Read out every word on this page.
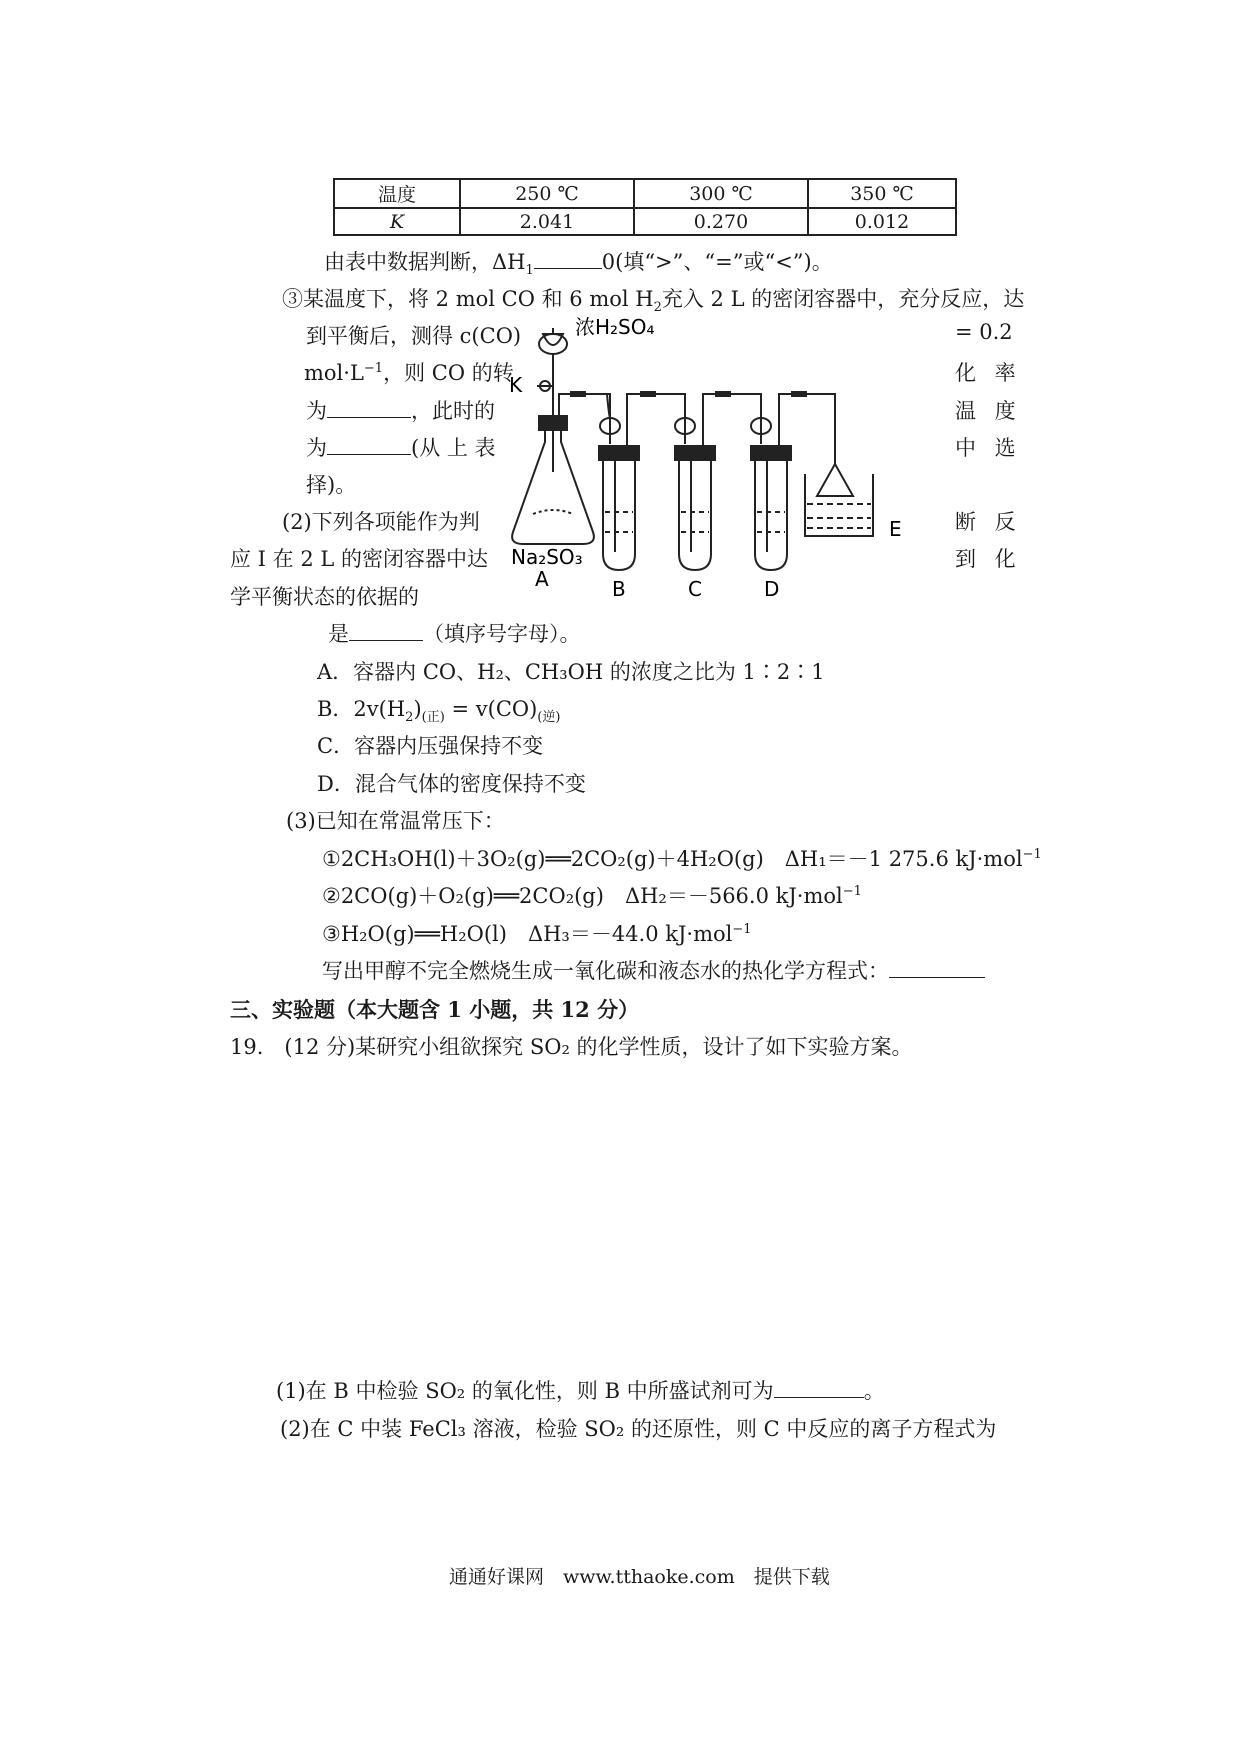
温度	250 ℃	300 ℃	350 ℃
K	2.041	0.270	0.012
由表中数据判断，$\Delta H_1$	0(填“>”、“=”或“<”)。
③某温度下，将 2 mol CO 和 6 mol $H_2$充入 2 L 的密闭容器中，充分反应，达
到平衡后，测得 c(CO)
$mol\cdot L^{-1}$，则 CO 的转
为	，此时的
为	(从 上 表
择)。
= 0.2
化 率
温 度
中 选
(2)下列各项能作为判	断 反
应 I 在 2 L 的密闭容器中达	到 化
学平衡状态的依据的
是	（填序号字母）。
A．容器内 CO、H₂、CH₃OH 的浓度之比为 1∶2∶1
B．$2v(H_2)_{(正)} = v(CO)_{(逆)}$
C．容器内压强保持不变
D．混合气体的密度保持不变
(3)已知在常温常压下：
①2CH₃OH(l)＋3O₂(g)══2CO₂(g)＋4H₂O(g)　ΔH₁＝－1 275.6 kJ·mol$^{-1}$
②2CO(g)＋O₂(g)══2CO₂(g)　ΔH₂＝－566.0 kJ·mol$^{-1}$
③H₂O(g)══H₂O(l)　ΔH₃＝－44.0 kJ·mol$^{-1}$
写出甲醇不完全燃烧生成一氧化碳和液态水的热化学方程式：
三、实验题（本大题含 1 小题，共 12 分）
19.　(12 分)某研究小组欲探究 SO₂ 的化学性质，设计了如下实验方案。
(1)在 B 中检验 SO₂ 的氧化性，则 B 中所盛试剂可为	。
(2)在 C 中装 FeCl₃ 溶液，检验 SO₂ 的还原性，则 C 中反应的离子方程式为
通通好课网　www.tthaoke.com　提供下载
浓H₂SO₄
K
Na₂SO₃
A	B	C	D
E
